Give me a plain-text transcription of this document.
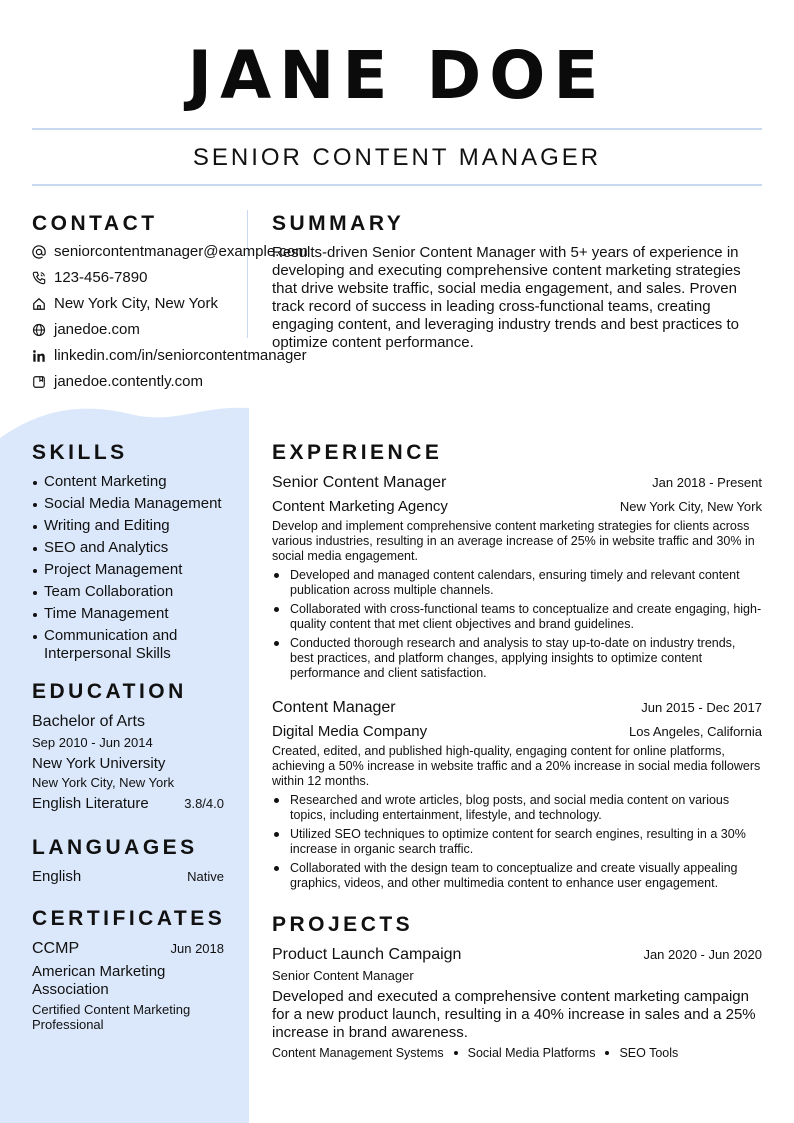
JANE DOE
SENIOR CONTENT MANAGER
CONTACT
seniorcontentmanager@example.com
123-456-7890
New York City, New York
janedoe.com
linkedin.com/in/seniorcontentmanager
janedoe.contently.com
SUMMARY
Results-driven Senior Content Manager with 5+ years of experience in developing and executing comprehensive content marketing strategies that drive website traffic, social media engagement, and sales. Proven track record of success in leading cross-functional teams, creating engaging content, and leveraging industry trends and best practices to optimize content performance.
SKILLS
Content Marketing
Social Media Management
Writing and Editing
SEO and Analytics
Project Management
Team Collaboration
Time Management
Communication and Interpersonal Skills
EDUCATION
Bachelor of Arts
Sep 2010 - Jun 2014
New York University
New York City, New York
English Literature	3.8/4.0
LANGUAGES
English	Native
CERTIFICATES
CCMP	Jun 2018
American Marketing Association
Certified Content Marketing Professional
EXPERIENCE
Senior Content Manager	Jan 2018 - Present
Content Marketing Agency	New York City, New York
Develop and implement comprehensive content marketing strategies for clients across various industries, resulting in an average increase of 25% in website traffic and 30% in social media engagement.
Developed and managed content calendars, ensuring timely and relevant content publication across multiple channels.
Collaborated with cross-functional teams to conceptualize and create engaging, high-quality content that met client objectives and brand guidelines.
Conducted thorough research and analysis to stay up-to-date on industry trends, best practices, and platform changes, applying insights to optimize content performance and client satisfaction.
Content Manager	Jun 2015 - Dec 2017
Digital Media Company	Los Angeles, California
Created, edited, and published high-quality, engaging content for online platforms, achieving a 50% increase in website traffic and a 20% increase in social media followers within 12 months.
Researched and wrote articles, blog posts, and social media content on various topics, including entertainment, lifestyle, and technology.
Utilized SEO techniques to optimize content for search engines, resulting in a 30% increase in organic search traffic.
Collaborated with the design team to conceptualize and create visually appealing graphics, videos, and other multimedia content to enhance user engagement.
PROJECTS
Product Launch Campaign	Jan 2020 - Jun 2020
Senior Content Manager
Developed and executed a comprehensive content marketing campaign for a new product launch, resulting in a 40% increase in sales and a 25% increase in brand awareness.
Content Management Systems Social Media Platforms SEO Tools
